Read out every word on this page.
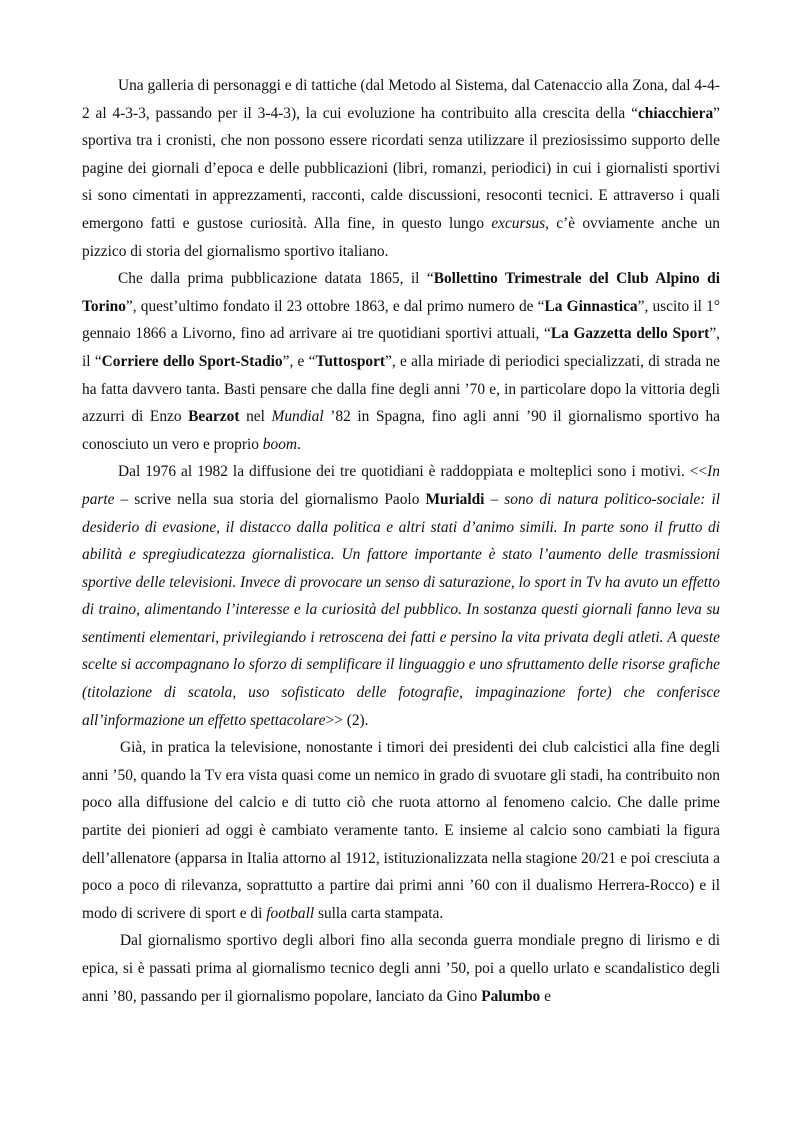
Una galleria di personaggi e di tattiche (dal Metodo al Sistema, dal Catenaccio alla Zona, dal 4-4-2 al 4-3-3, passando per il 3-4-3), la cui evoluzione ha contribuito alla crescita della “chiacchiera” sportiva tra i cronisti, che non possono essere ricordati senza utilizzare il preziosissimo supporto delle pagine dei giornali d’epoca e delle pubblicazioni (libri, romanzi, periodici) in cui i giornalisti sportivi si sono cimentati in apprezzamenti, racconti, calde discussioni, resoconti tecnici. E attraverso i quali emergono fatti e gustose curiosità. Alla fine, in questo lungo excursus, c’è ovviamente anche un pizzico di storia del giornalismo sportivo italiano.

Che dalla prima pubblicazione datata 1865, il “Bollettino Trimestrale del Club Alpino di Torino”, quest’ultimo fondato il 23 ottobre 1863, e dal primo numero de “La Ginnastica”, uscito il 1° gennaio 1866 a Livorno, fino ad arrivare ai tre quotidiani sportivi attuali, “La Gazzetta dello Sport”, il “Corriere dello Sport-Stadio”, e “Tuttosport”, e alla miriade di periodici specializzati, di strada ne ha fatta davvero tanta. Basti pensare che dalla fine degli anni ’70 e, in particolare dopo la vittoria degli azzurri di Enzo Bearzot nel Mundial ’82 in Spagna, fino agli anni ’90 il giornalismo sportivo ha conosciuto un vero e proprio boom.

Dal 1976 al 1982 la diffusione dei tre quotidiani è raddoppiata e molteplici sono i motivi. <<In parte – scrive nella sua storia del giornalismo Paolo Murialdi – sono di natura politico-sociale: il desiderio di evasione, il distacco dalla politica e altri stati d’animo simili. In parte sono il frutto di abilità e spregiudicatezza giornalistica. Un fattore importante è stato l’aumento delle trasmissioni sportive delle televisioni. Invece di provocare un senso di saturazione, lo sport in Tv ha avuto un effetto di traino, alimentando l’interesse e la curiosità del pubblico. In sostanza questi giornali fanno leva su sentimenti elementari, privilegiando i retroscena dei fatti e persino la vita privata degli atleti. A queste scelte si accompagnano lo sforzo di semplificare il linguaggio e uno sfruttamento delle risorse grafiche (titolazione di scatola, uso sofisticato delle fotografie, impaginazione forte) che conferisce all’informazione un effetto spettacolare>> (2).

Già, in pratica la televisione, nonostante i timori dei presidenti dei club calcistici alla fine degli anni ’50, quando la Tv era vista quasi come un nemico in grado di svuotare gli stadi, ha contribuito non poco alla diffusione del calcio e di tutto ciò che ruota attorno al fenomeno calcio. Che dalle prime partite dei pionieri ad oggi è cambiato veramente tanto. E insieme al calcio sono cambiati la figura dell’allenatore (apparsa in Italia attorno al 1912, istituzionalizzata nella stagione 20/21 e poi cresciuta a poco a poco di rilevanza, soprattutto a partire dai primi anni ’60 con il dualismo Herrera-Rocco) e il modo di scrivere di sport e di football sulla carta stampata.

Dal giornalismo sportivo degli albori fino alla seconda guerra mondiale pregno di lirismo e di epica, si è passati prima al giornalismo tecnico degli anni ’50, poi a quello urlato e scandalistico degli anni ’80, passando per il giornalismo popolare, lanciato da Gino Palumbo e
